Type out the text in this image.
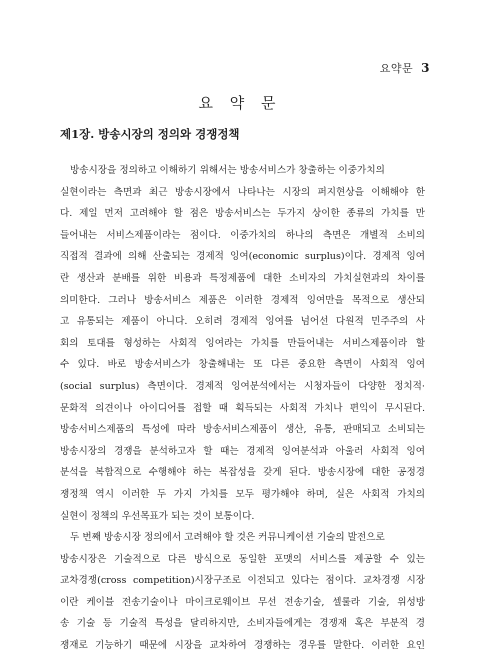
요약문 3
요 약 문
제1장. 방송시장의 정의와 경쟁정책
방송시장을 정의하고 이해하기 위해서는 방송서비스가 창출하는 이중가치의
실현이라는 측면과 최근 방송시장에서 나타나는 시장의 퍼지현상을 이해해야 한
다. 제일 먼저 고려해야 할 점은 방송서비스는 두가지 상이한 종류의 가치를 만
들어내는 서비스제품이라는 점이다. 이중가치의 하나의 측면은 개별적 소비의
직접적 결과에 의해 산출되는 경제적 잉여(economic surplus)이다. 경제적 잉여
란 생산과 분배를 위한 비용과 특정제품에 대한 소비자의 가치실현과의 차이를
의미한다. 그러나 방송서비스 제품은 이러한 경제적 잉여만을 목적으로 생산되
고 유통되는 제품이 아니다. 오히려 경제적 잉여를 넘어선 다원적 민주주의 사
회의 토대를 형성하는 사회적 잉여라는 가치를 만들어내는 서비스제품이라 할
수 있다. 바로 방송서비스가 창출해내는 또 다른 중요한 측면이 사회적 잉여
(social surplus) 측면이다. 경제적 잉여분석에서는 시청자들이 다양한 정치적·
문화적 의견이나 아이디어를 접할 때 획득되는 사회적 가치나 편익이 무시된다.
방송서비스제품의 특성에 따라 방송서비스제품이 생산, 유통, 판매되고 소비되는
방송시장의 경쟁을 분석하고자 할 때는 경제적 잉여분석과 아울러 사회적 잉여
분석을 복합적으로 수행해야 하는 복잡성을 갖게 된다. 방송시장에 대한 공정경
쟁정책 역시 이러한 두 가지 가치를 모두 평가해야 하며, 실은 사회적 가치의
실현이 정책의 우선목표가 되는 것이 보통이다.
두 번째 방송시장 정의에서 고려해야 할 것은 커뮤니케이션 기술의 발전으로
방송시장은 기술적으로 다른 방식으로 동일한 포맷의 서비스를 제공할 수 있는
교차경쟁(cross competition)시장구조로 이전되고 있다는 점이다. 교차경쟁 시장
이란 케이블 전송기술이나 마이크로웨이브 무선 전송기술, 셀룰라 기술, 위성방
송 기술 등 기술적 특성을 달리하지만, 소비자들에게는 경쟁재 혹은 부분적 경
쟁재로 기능하기 때문에 시장을 교차하여 경쟁하는 경우를 말한다. 이러한 요인
